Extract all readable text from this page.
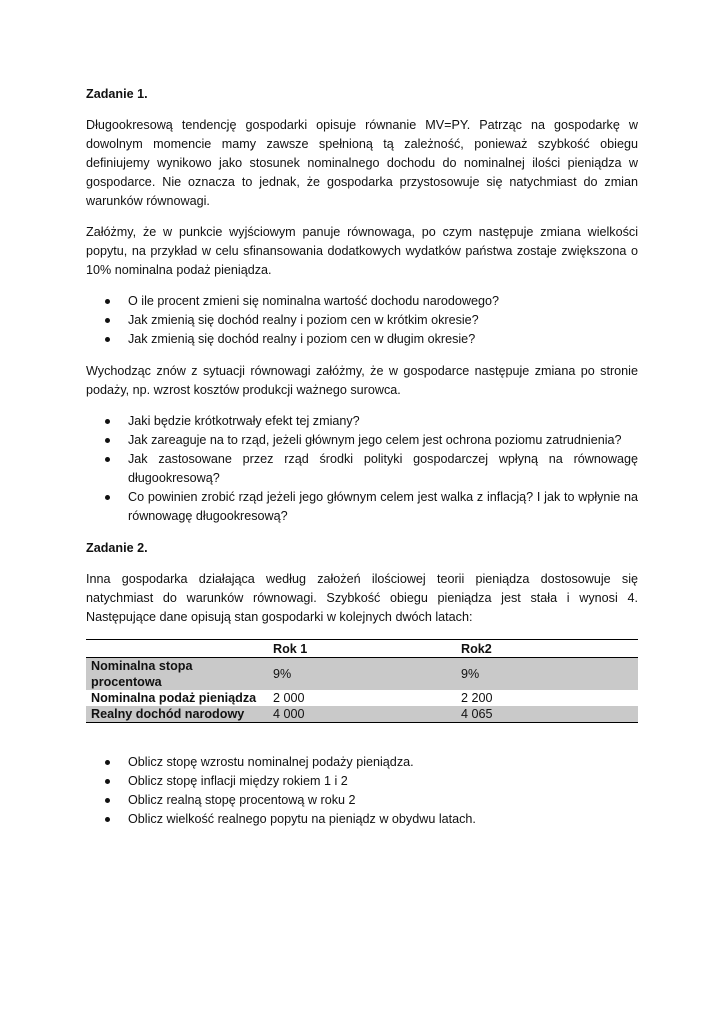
Zadanie 1.

Długookresową tendencję gospodarki opisuje równanie MV=PY. Patrząc na gospodarkę w dowolnym momencie mamy zawsze spełnioną tą zależność, ponieważ szybkość obiegu definiujemy wynikowo jako stosunek nominalnego dochodu do nominalnej ilości pieniądza w gospodarce. Nie oznacza to jednak, że gospodarka przystosowuje się natychmiast do zmian warunków równowagi.

Załóżmy, że w punkcie wyjściowym panuje równowaga, po czym następuje zmiana wielkości popytu, na przykład w celu sfinansowania dodatkowych wydatków państwa zostaje zwiększona o 10% nominalna podaż pieniądza.

O ile procent zmieni się nominalna wartość dochodu narodowego?
Jak zmienią się dochód realny i poziom cen w krótkim okresie?
Jak zmienią się dochód realny i poziom cen w długim okresie?

Wychodząc znów z sytuacji równowagi załóżmy, że w gospodarce następuje zmiana po stronie podaży, np. wzrost kosztów produkcji ważnego surowca.

Jaki będzie krótkotrwały efekt tej zmiany?
Jak zareaguje na to rząd, jeżeli głównym jego celem jest ochrona poziomu zatrudnienia?
Jak zastosowane przez rząd środki polityki gospodarczej wpłyną na równowagę długookresową?
Co powinien zrobić rząd jeżeli jego głównym celem jest walka z inflacją? I jak to wpłynie na równowagę długookresową?
Zadanie 2.

Inna gospodarka działająca według założeń ilościowej teorii pieniądza dostosowuje się natychmiast do warunków równowagi. Szybkość obiegu pieniądza jest stała i wynosi 4. Następujące dane opisują stan gospodarki w kolejnych dwóch latach:

	Rok 1	Rok2
Nominalna stopa procentowa	9%	9%
Nominalna podaż pieniądza	2 000	2 200
Realny dochód narodowy	4 000	4 065
Oblicz stopę wzrostu nominalnej podaży pieniądza.
Oblicz stopę inflacji między rokiem 1 i 2
Oblicz realną stopę procentową w roku 2
Oblicz wielkość realnego popytu na pieniądz w obydwu latach.
